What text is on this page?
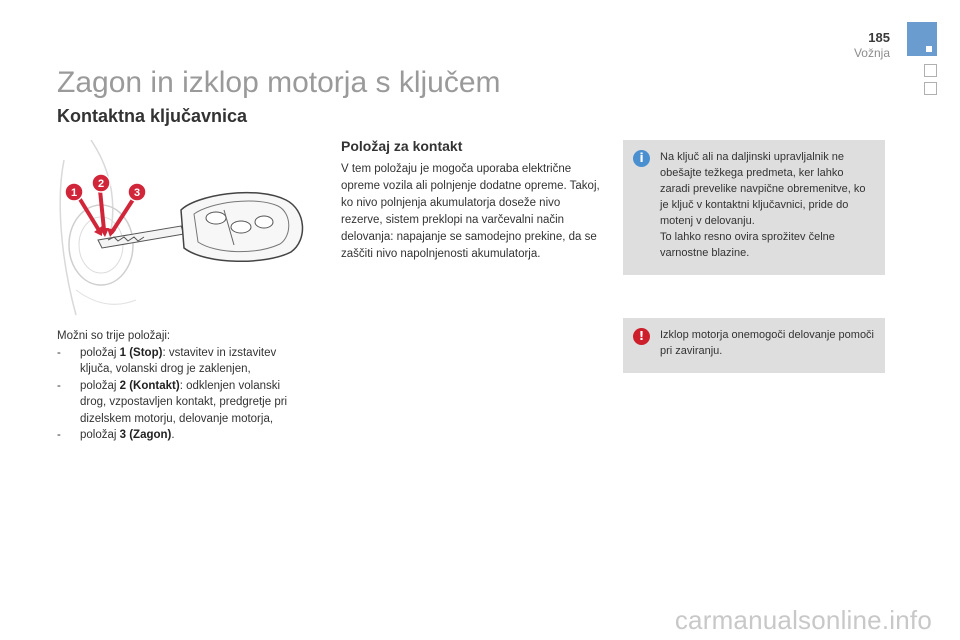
185
Vožnja
Zagon in izklop motorja s ključem
Kontaktna ključavnica
1
2
3
Možni so trije položaji:
- položaj 1 (Stop): vstavitev in izstavitev ključa, volanski drog je zaklenjen,
- položaj 2 (Kontakt): odklenjen volanski drog, vzpostavljen kontakt, predgretje pri dizelskem motorju, delovanje motorja,
- položaj 3 (Zagon).
Položaj za kontakt

V tem položaju je mogoča uporaba električne opreme vozila ali polnjenje dodatne opreme. Takoj, ko nivo polnjenja akumulatorja doseže nivo rezerve, sistem preklopi na varčevalni način delovanja: napajanje se samodejno prekine, da se zaščiti nivo napolnjenosti akumulatorja.

i	Na ključ ali na daljinski upravljalnik ne obešajte težkega predmeta, ker lahko zaradi prevelike navpične obremenitve, ko je ključ v kontaktni ključavnici, pride do motenj v delovanju.
To lahko resno ovira sprožitev čelne varnostne blazine.

!	Izklop motorja onemogoči delovanje pomoči pri zaviranju.

carmanualsonline.info
